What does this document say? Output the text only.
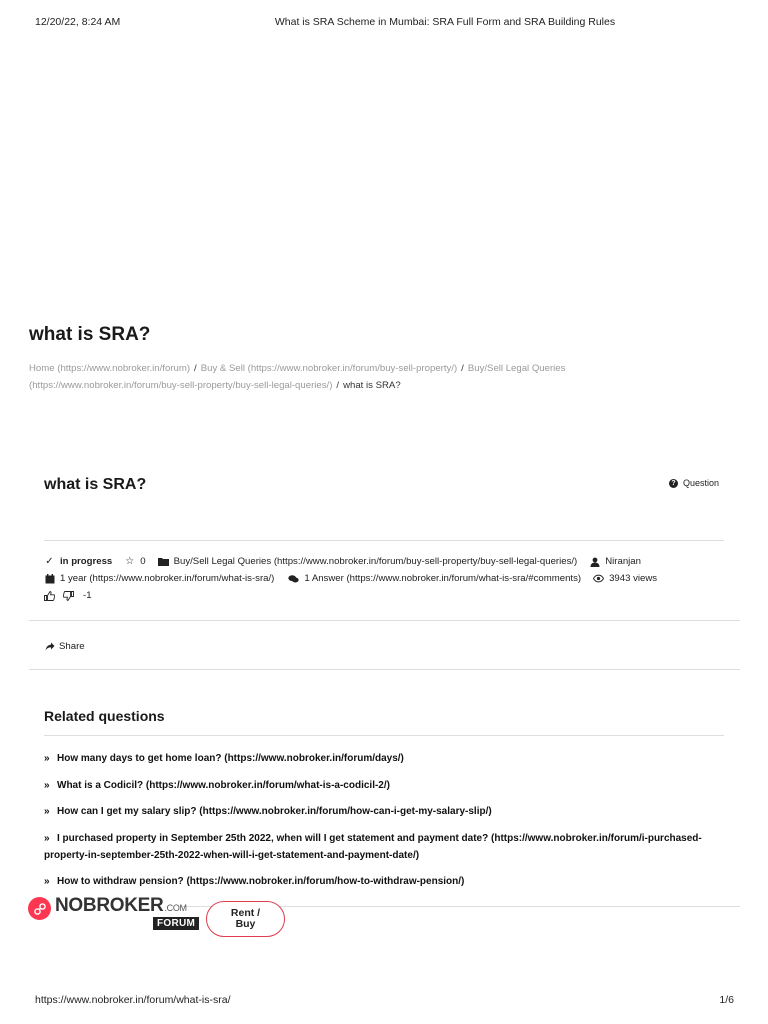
12/20/22, 8:24 AM	What is SRA Scheme in Mumbai: SRA Full Form and SRA Building Rules
what is SRA?
Home (https://www.nobroker.in/forum) / Buy & Sell (https://www.nobroker.in/forum/buy-sell-property/) / Buy/Sell Legal Queries
(https://www.nobroker.in/forum/buy-sell-property/buy-sell-legal-queries/) / what is SRA?
what is SRA?	? Question
✓ in progress ☆ 0	Buy/Sell Legal Queries (https://www.nobroker.in/forum/buy-sell-property/buy-sell-legal-queries/)	Niranjan
1 year (https://www.nobroker.in/forum/what-is-sra/)	1 Answer (https://www.nobroker.in/forum/what-is-sra/#comments)	3943 views
-1
Share
Related questions
» How many days to get home loan? (https://www.nobroker.in/forum/days/)
» What is a Codicil? (https://www.nobroker.in/forum/what-is-a-codicil-2/)
» How can I get my salary slip? (https://www.nobroker.in/forum/how-can-i-get-my-salary-slip/)
» I purchased property in September 25th 2022, when will I get statement and payment date? (https://www.nobroker.in/forum/i-purchased-property-in-september-25th-2022-when-will-i-get-statement-and-payment-date/)
» How to withdraw pension? (https://www.nobroker.in/forum/how-to-withdraw-pension/)
NOBROKER.COM
FORUM
Rent /
Buy
https://www.nobroker.in/forum/what-is-sra/	1/6
